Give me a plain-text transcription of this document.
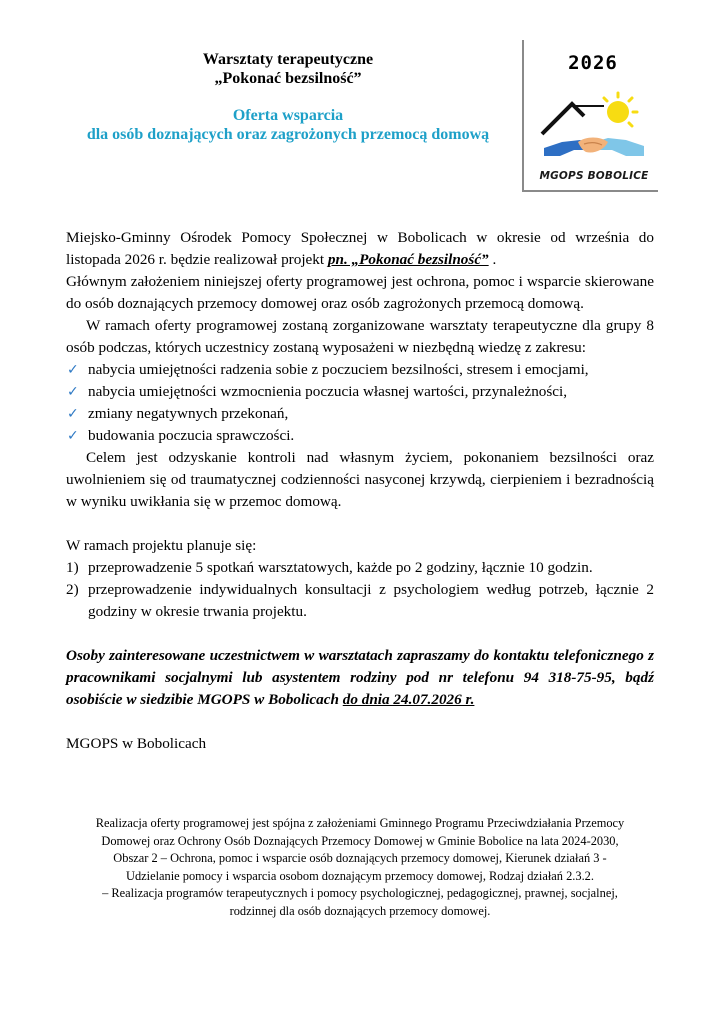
Warsztaty terapeutyczne
„Pokonać bezsilność”
Oferta wsparcia
dla osób doznających oraz zagrożonych przemocą domową
2026
MGOPS BOBOLICE

Miejsko-Gminny Ośrodek Pomocy Społecznej w Bobolicach w okresie od września do listopada 2026 r. będzie realizował projekt pn. „Pokonać bezsilność” .

Głównym założeniem niniejszej oferty programowej jest ochrona, pomoc i wsparcie skierowane do osób doznających przemocy domowej oraz osób zagrożonych przemocą domową.

W ramach oferty programowej zostaną zorganizowane warsztaty terapeutyczne dla grupy 8 osób podczas, których uczestnicy zostaną wyposażeni w niezbędną wiedzę z zakresu:

✓ nabycia umiejętności radzenia sobie z poczuciem bezsilności, stresem i emocjami,
✓ nabycia umiejętności wzmocnienia poczucia własnej wartości, przynależności,
✓ zmiany negatywnych przekonań,
✓ budowania poczucia sprawczości.

Celem jest odzyskanie kontroli nad własnym życiem, pokonaniem bezsilności oraz uwolnieniem się od traumatycznej codzienności nasyconej krzywdą, cierpieniem i bezradnością w wyniku uwikłania się w przemoc domową.

W ramach projektu planuje się:

1) przeprowadzenie 5 spotkań warsztatowych, każde po 2 godziny, łącznie 10 godzin.
2) przeprowadzenie indywidualnych konsultacji z psychologiem według potrzeb, łącznie 2 godziny w okresie trwania projektu.

Osoby zainteresowane uczestnictwem w warsztatach zapraszamy do kontaktu telefonicznego z pracownikami socjalnymi lub asystentem rodziny pod nr telefonu 94 318-75-95, bądź osobiście w siedzibie MGOPS w Bobolicach do dnia 24.07.2026 r.

MGOPS w Bobolicach

Realizacja oferty programowej jest spójna z założeniami Gminnego Programu Przeciwdziałania Przemocy
Domowej oraz Ochrony Osób Doznających Przemocy Domowej w Gminie Bobolice na lata 2024-2030,
Obszar 2 – Ochrona, pomoc i wsparcie osób doznających przemocy domowej, Kierunek działań 3 -
Udzielanie pomocy i wsparcia osobom doznającym przemocy domowej, Rodzaj działań 2.3.2.
– Realizacja programów terapeutycznych i pomocy psychologicznej, pedagogicznej, prawnej, socjalnej,
rodzinnej dla osób doznających przemocy domowej.
